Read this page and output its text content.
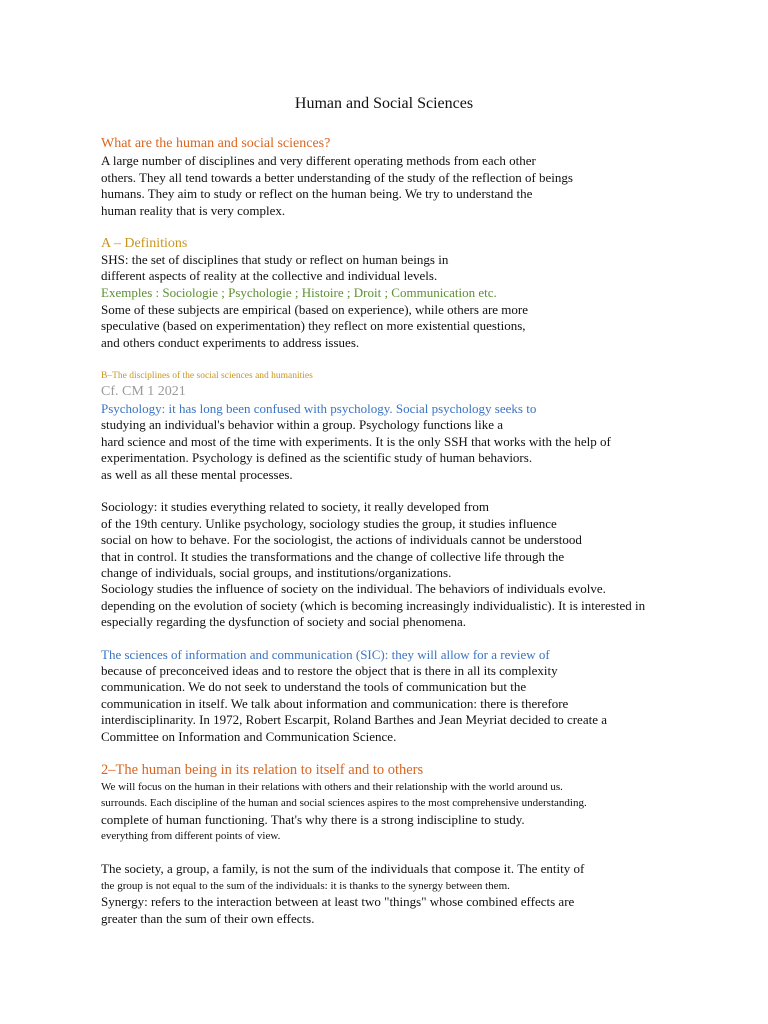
Human and Social Sciences
What are the human and social sciences?
A large number of disciplines and very different operating methods from each other
others. They all tend towards a better understanding of the study of the reflection of beings
humans. They aim to study or reflect on the human being. We try to understand the
human reality that is very complex.
A – Definitions
SHS: the set of disciplines that study or reflect on human beings in
different aspects of reality at the collective and individual levels.
Exemples : Sociologie ; Psychologie ; Histoire ; Droit ; Communication etc.
Some of these subjects are empirical (based on experience), while others are more
speculative (based on experimentation) they reflect on more existential questions,
and others conduct experiments to address issues.
B–The disciplines of the social sciences and humanities
Cf. CM 1 2021
Psychology: it has long been confused with psychology. Social psychology seeks to
studying an individual's behavior within a group. Psychology functions like a
hard science and most of the time with experiments. It is the only SSH that works with the help of
experimentation. Psychology is defined as the scientific study of human behaviors.
as well as all these mental processes.
Sociology: it studies everything related to society, it really developed from
of the 19th century. Unlike psychology, sociology studies the group, it studies influence
social on how to behave. For the sociologist, the actions of individuals cannot be understood
that in control. It studies the transformations and the change of collective life through the
change of individuals, social groups, and institutions/organizations.
Sociology studies the influence of society on the individual. The behaviors of individuals evolve.
depending on the evolution of society (which is becoming increasingly individualistic). It is interested in
especially regarding the dysfunction of society and social phenomena.
The sciences of information and communication (SIC): they will allow for a review of
because of preconceived ideas and to restore the object that is there in all its complexity
communication. We do not seek to understand the tools of communication but the
communication in itself. We talk about information and communication: there is therefore
interdisciplinarity. In 1972, Robert Escarpit, Roland Barthes and Jean Meyriat decided to create a
Committee on Information and Communication Science.
2–The human being in its relation to itself and to others
We will focus on the human in their relations with others and their relationship with the world around us.
surrounds. Each discipline of the human and social sciences aspires to the most comprehensive understanding.
complete of human functioning. That's why there is a strong indiscipline to study.
everything from different points of view.
The society, a group, a family, is not the sum of the individuals that compose it. The entity of
the group is not equal to the sum of the individuals: it is thanks to the synergy between them.
Synergy: refers to the interaction between at least two "things" whose combined effects are
greater than the sum of their own effects.
